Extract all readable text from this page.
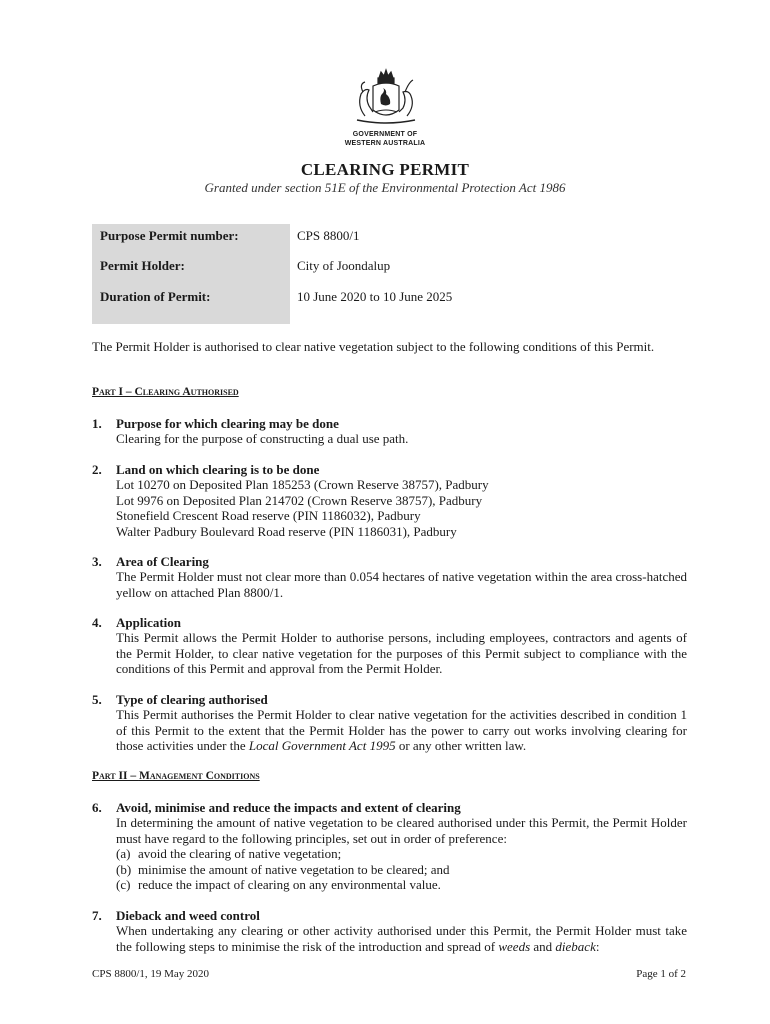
GOVERNMENT OF
WESTERN AUSTRALIA
CLEARING PERMIT
Granted under section 51E of the Environmental Protection Act 1986
Purpose Permit number:	CPS 8800/1
Permit Holder:	City of Joondalup
Duration of Permit:	10 June 2020 to 10 June 2025
The Permit Holder is authorised to clear native vegetation subject to the following conditions of this Permit.
Part I – Clearing Authorised
1. Purpose for which clearing may be done
Clearing for the purpose of constructing a dual use path.
2. Land on which clearing is to be done
Lot 10270 on Deposited Plan 185253 (Crown Reserve 38757), Padbury
Lot 9976 on Deposited Plan 214702 (Crown Reserve 38757), Padbury
Stonefield Crescent Road reserve (PIN 1186032), Padbury
Walter Padbury Boulevard Road reserve (PIN 1186031), Padbury
3. Area of Clearing
The Permit Holder must not clear more than 0.054 hectares of native vegetation within the area cross-hatched yellow on attached Plan 8800/1.
4. Application
This Permit allows the Permit Holder to authorise persons, including employees, contractors and agents of the Permit Holder, to clear native vegetation for the purposes of this Permit subject to compliance with the conditions of this Permit and approval from the Permit Holder.
5. Type of clearing authorised
This Permit authorises the Permit Holder to clear native vegetation for the activities described in condition 1 of this Permit to the extent that the Permit Holder has the power to carry out works involving clearing for those activities under the Local Government Act 1995 or any other written law.
Part II – Management Conditions
6. Avoid, minimise and reduce the impacts and extent of clearing
In determining the amount of native vegetation to be cleared authorised under this Permit, the Permit Holder must have regard to the following principles, set out in order of preference:
(a) avoid the clearing of native vegetation;
(b) minimise the amount of native vegetation to be cleared; and
(c) reduce the impact of clearing on any environmental value.
7. Dieback and weed control
When undertaking any clearing or other activity authorised under this Permit, the Permit Holder must take the following steps to minimise the risk of the introduction and spread of weeds and dieback:
CPS 8800/1, 19 May 2020	Page 1 of 2
